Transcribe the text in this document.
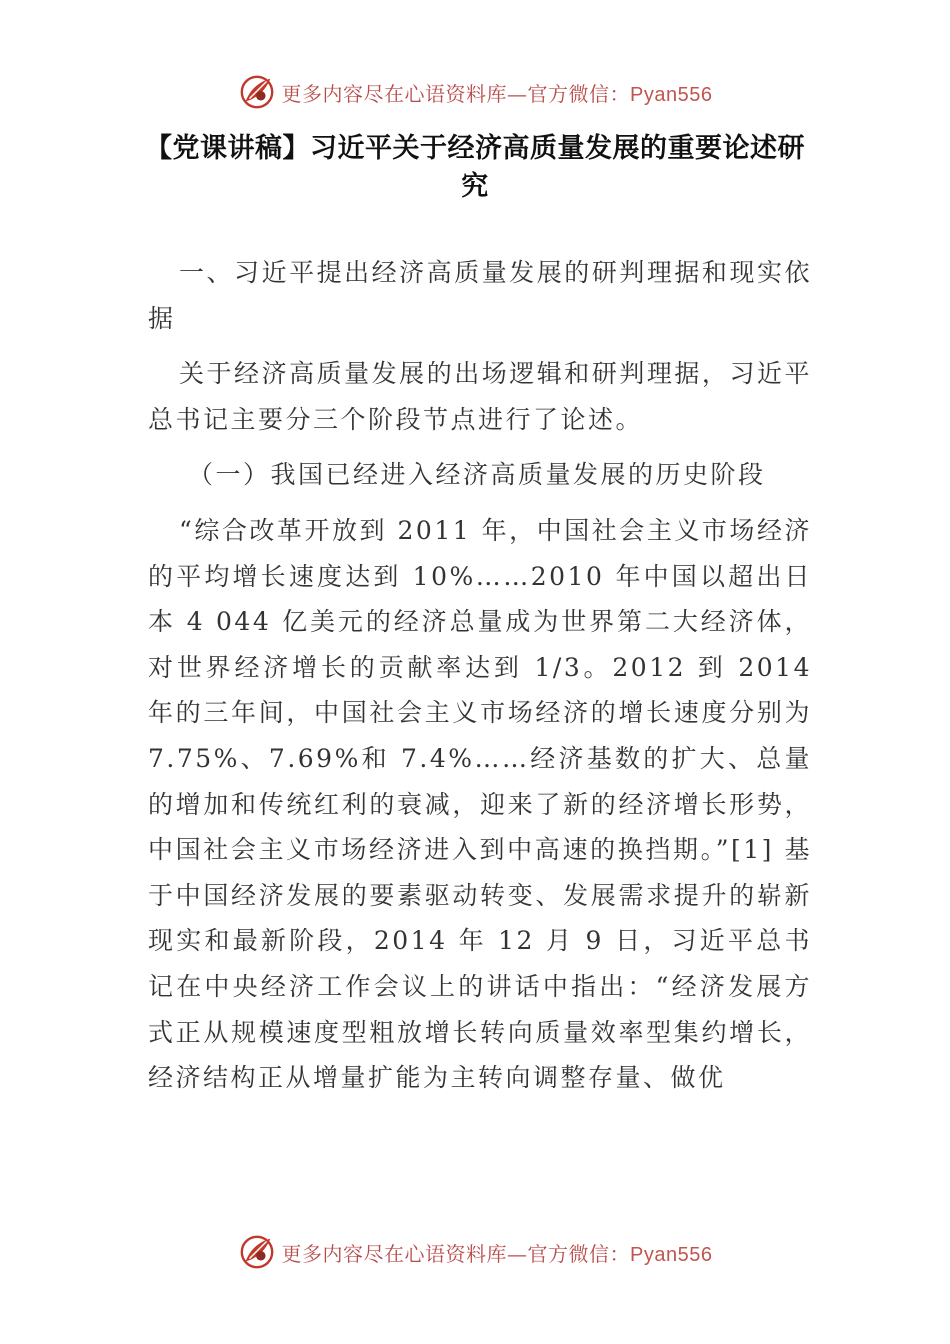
更多内容尽在心语资料库—官方微信：Pyan556
【党课讲稿】习近平关于经济高质量发展的重要论述研究

一、习近平提出经济高质量发展的研判理据和现实依据

关于经济高质量发展的出场逻辑和研判理据，习近平总书记主要分三个阶段节点进行了论述。

（一）我国已经进入经济高质量发展的历史阶段

“综合改革开放到 2011 年，中国社会主义市场经济的平均增长速度达到 10%……2010 年中国以超出日本 4 044 亿美元的经济总量成为世界第二大经济体， 对世界经济增长的贡献率达到 1/3。2012 到 2014 年的三年间，中国社会主义市场经济的增长速度分别为 7.75%、7.69%和 7.4%……经济基数的扩大、总量的增加和传统红利的衰减，迎来了新的经济增长形势， 中国社会主义市场经济进入到中高速的换挡期。”[1] 基于中国经济发展的要素驱动转变、发展需求提升的崭新现实和最新阶段，2014 年 12 月 9 日，习近平总书记在中央经济工作会议上的讲话中指出：“经济发展方式正从规模速度型粗放增长转向质量效率型集约增长，经济结构正从增量扩能为主转向调整存量、做优

更多内容尽在心语资料库—官方微信：Pyan556
